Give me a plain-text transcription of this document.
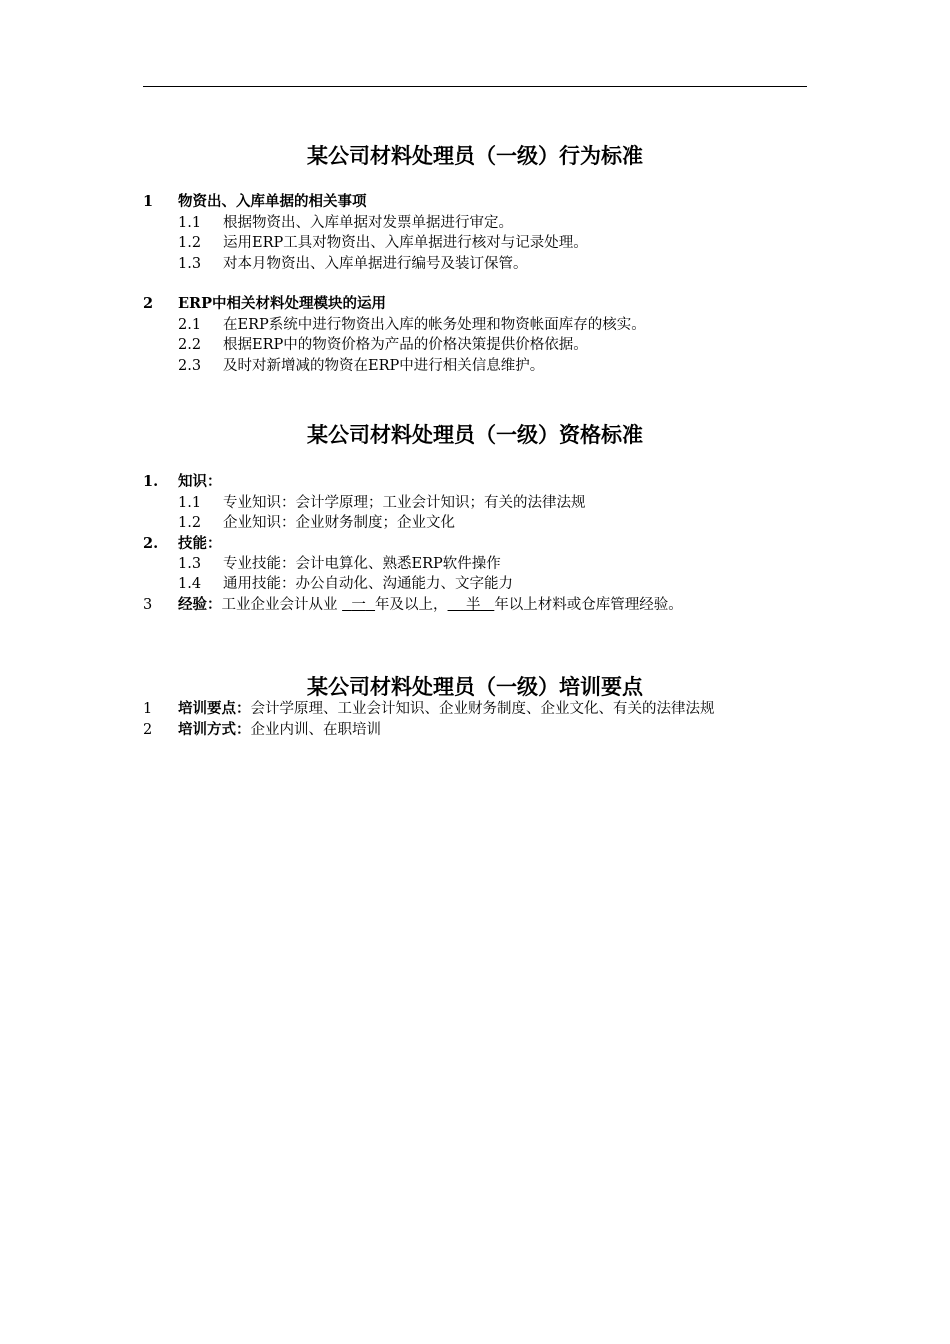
某公司材料处理员（一级）行为标准
1 物资出、入库单据的相关事项
1.1 根据物资出、入库单据对发票单据进行审定。
1.2 运用ERP工具对物资出、入库单据进行核对与记录处理。
1.3 对本月物资出、入库单据进行编号及装订保管。
2 ERP中相关材料处理模块的运用
2.1 在ERP系统中进行物资出入库的帐务处理和物资帐面库存的核实。
2.2 根据ERP中的物资价格为产品的价格决策提供价格依据。
2.3 及时对新增减的物资在ERP中进行相关信息维护。
某公司材料处理员（一级）资格标准
1. 知识：
1.1 专业知识：会计学原理；工业会计知识；有关的法律法规
1.2 企业知识：企业财务制度；企业文化
2. 技能：
1.3 专业技能：会计电算化、熟悉ERP软件操作
1.4 通用技能：办公自动化、沟通能力、文字能力
3 经验：工业企业会计从业 一 年及以上， 半 年以上材料或仓库管理经验。
某公司材料处理员（一级）培训要点
1 培训要点：会计学原理、工业会计知识、企业财务制度、企业文化、有关的法律法规
2 培训方式：企业内训、在职培训
